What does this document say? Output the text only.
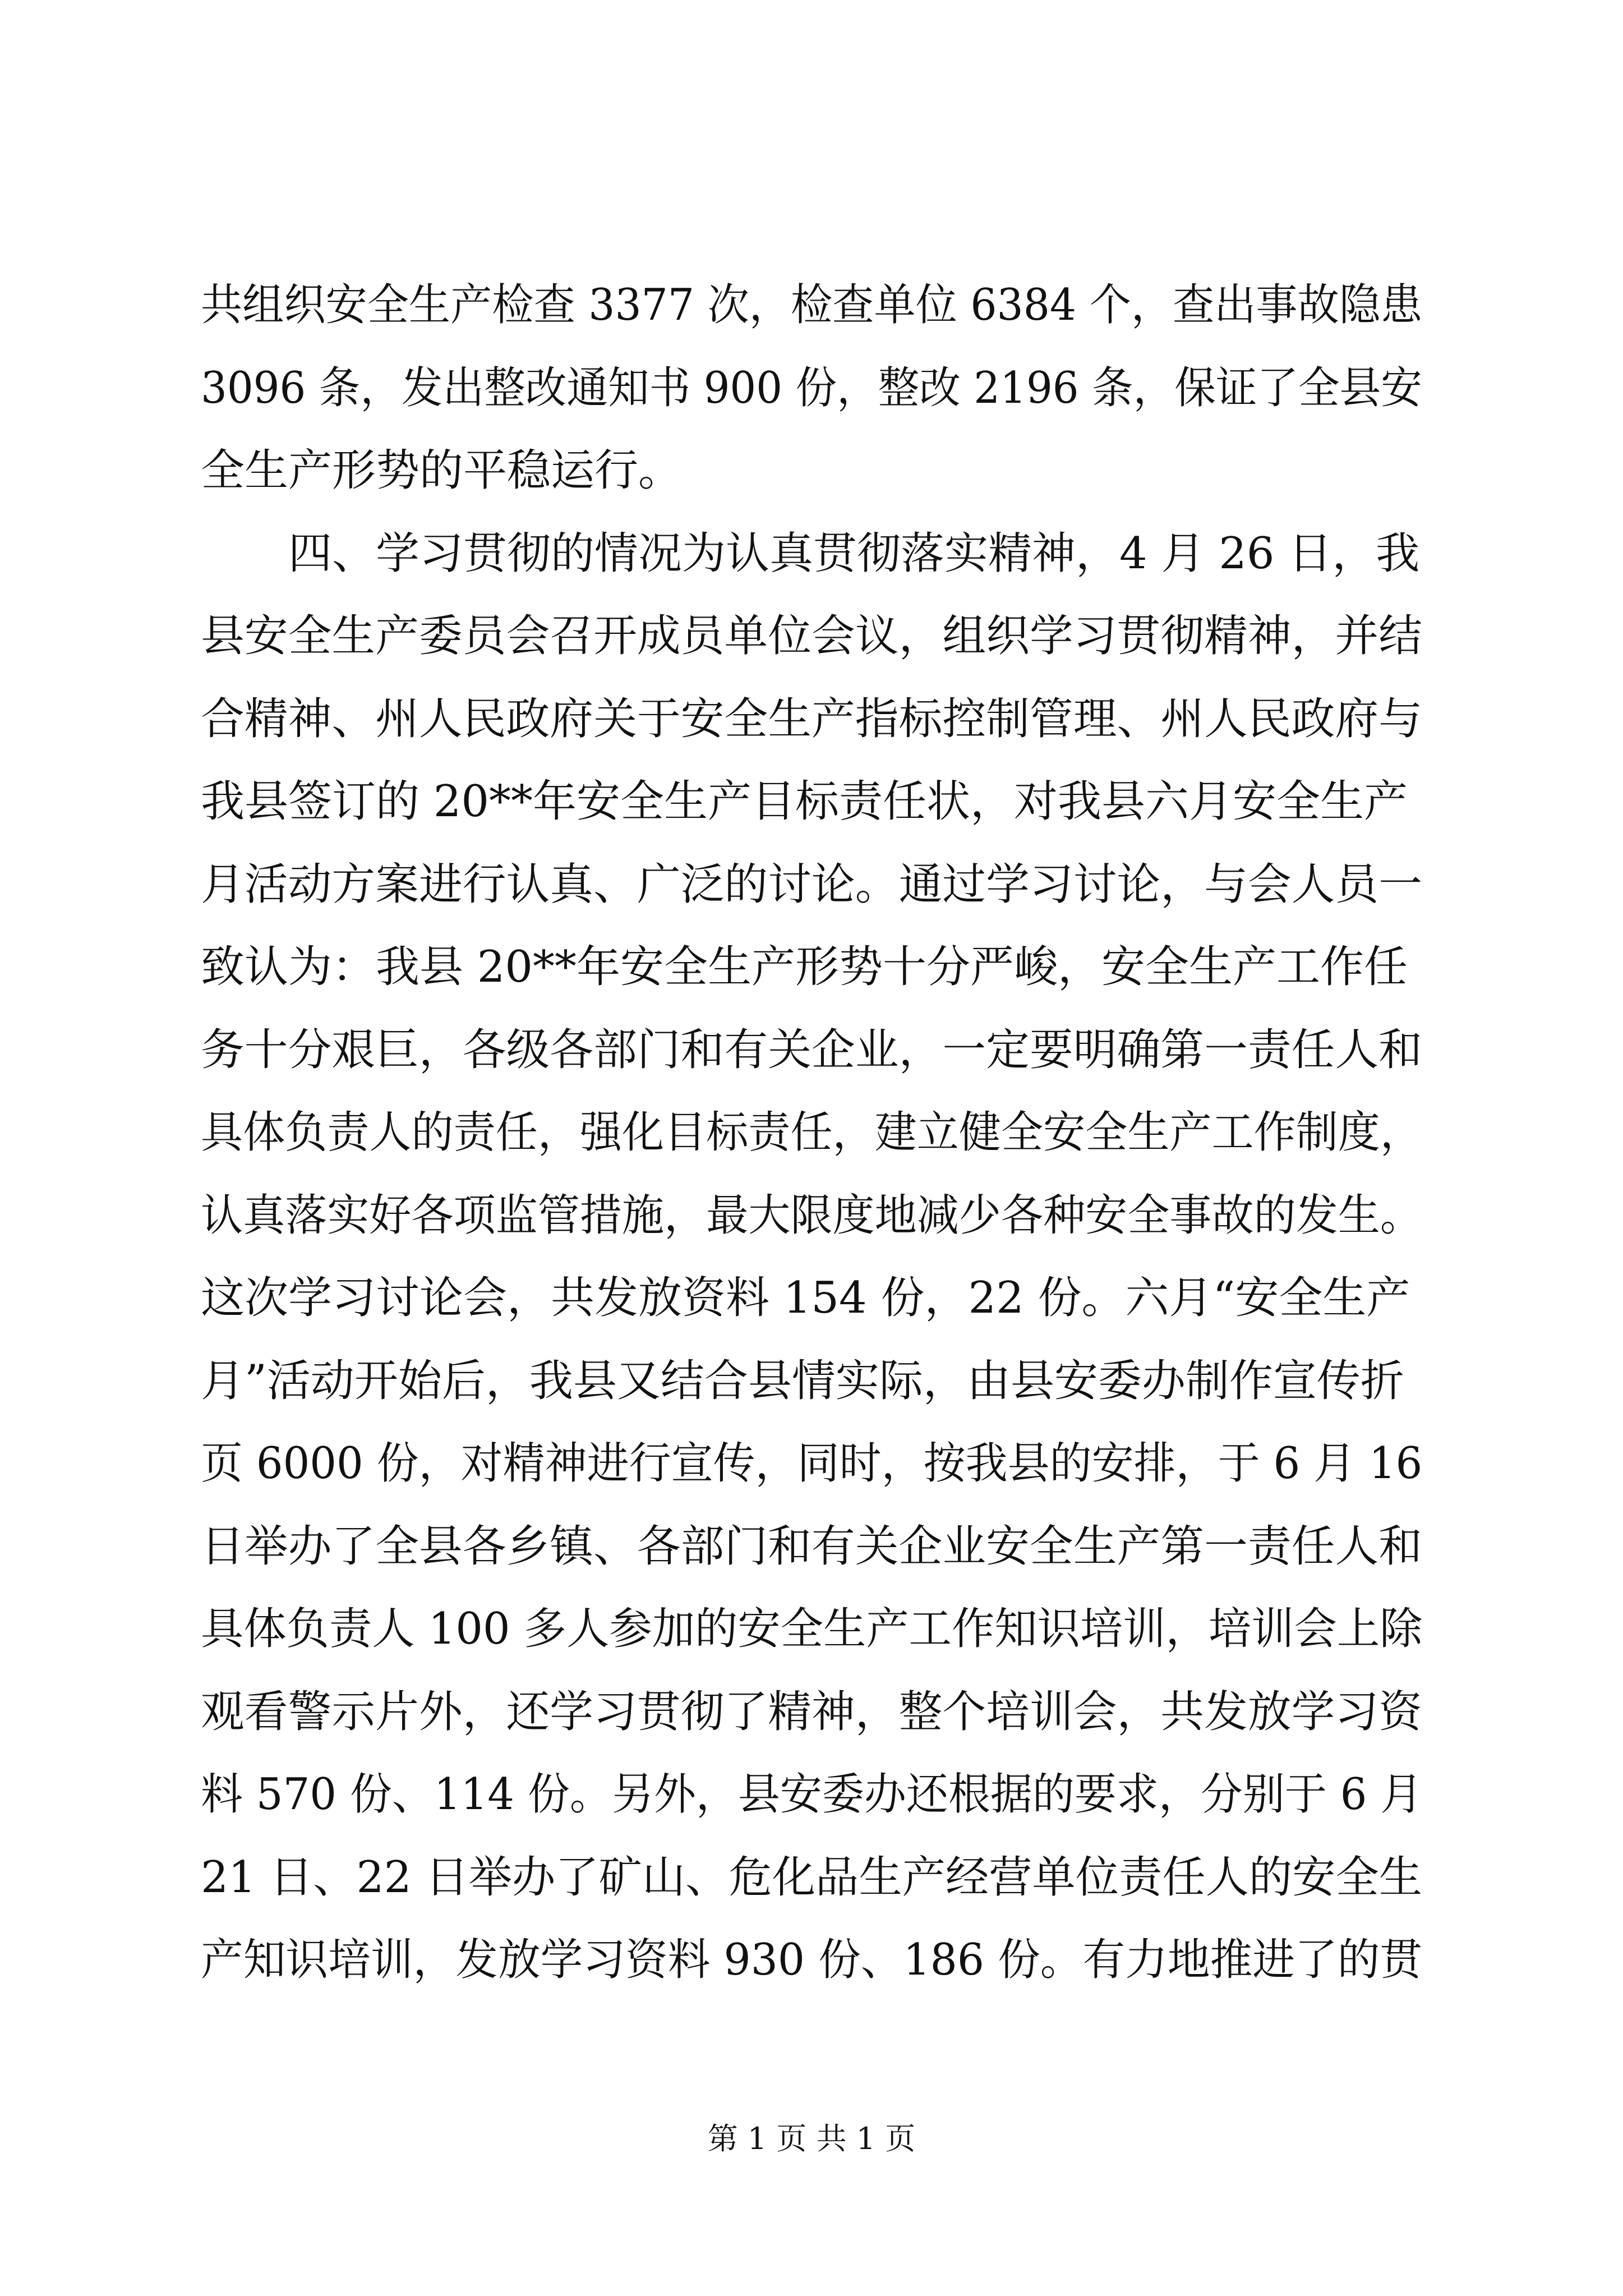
共组织安全生产检查 3377 次，检查单位 6384 个，查出事故隐患
3096 条，发出整改通知书 900 份，整改 2196 条，保证了全县安
全生产形势的平稳运行。
四、学习贯彻的情况为认真贯彻落实精神，4 月 26 日，我
县安全生产委员会召开成员单位会议，组织学习贯彻精神，并结
合精神、州人民政府关于安全生产指标控制管理、州人民政府与
我县签订的 20**年安全生产目标责任状，对我县六月安全生产
月活动方案进行认真、广泛的讨论。通过学习讨论，与会人员一
致认为：我县 20**年安全生产形势十分严峻，安全生产工作任
务十分艰巨，各级各部门和有关企业，一定要明确第一责任人和
具体负责人的责任，强化目标责任，建立健全安全生产工作制度，
认真落实好各项监管措施，最大限度地减少各种安全事故的发生。
这次学习讨论会，共发放资料 154 份，22 份。六月“安全生产
月”活动开始后，我县又结合县情实际，由县安委办制作宣传折
页 6000 份，对精神进行宣传，同时，按我县的安排，于 6 月 16
日举办了全县各乡镇、各部门和有关企业安全生产第一责任人和
具体负责人 100 多人参加的安全生产工作知识培训，培训会上除
观看警示片外，还学习贯彻了精神，整个培训会，共发放学习资
料 570 份、114 份。另外，县安委办还根据的要求，分别于 6 月
21 日、22 日举办了矿山、危化品生产经营单位责任人的安全生
产知识培训，发放学习资料 930 份、186 份。有力地推进了的贯
第 1 页 共 1 页
